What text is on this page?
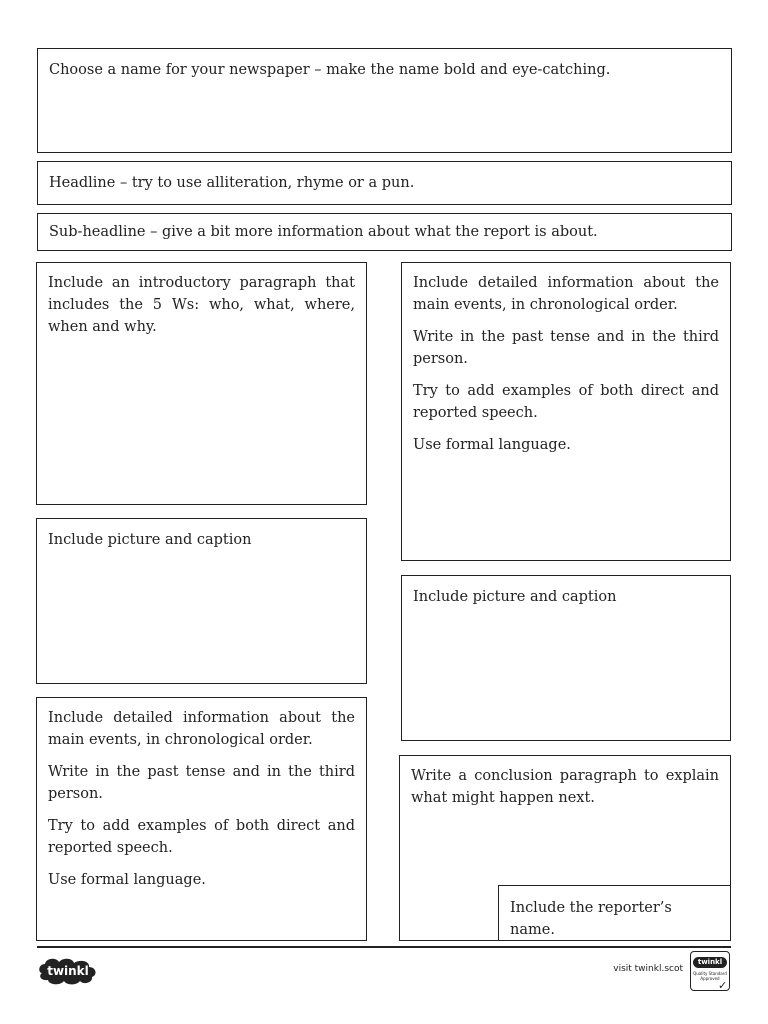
Choose a name for your newspaper – make the name bold and eye-catching.

Headline – try to use alliteration, rhyme or a pun.

Sub-headline – give a bit more information about what the report is about.

Include an introductory paragraph that includes the 5 Ws: who, what, where, when and why.

Include picture and caption

Include detailed information about the main events, in chronological order.

Write in the past tense and in the third person.

Try to add examples of both direct and reported speech.

Use formal language.

Include detailed information about the main events, in chronological order.

Write in the past tense and in the third person.

Try to add examples of both direct and reported speech.

Use formal language.

Include picture and caption

Write a conclusion paragraph to explain what might happen next.

Include the reporter’s name.

twinkl	visit twinkl.scot
twinkl
Quality Standard
Approved
✓
